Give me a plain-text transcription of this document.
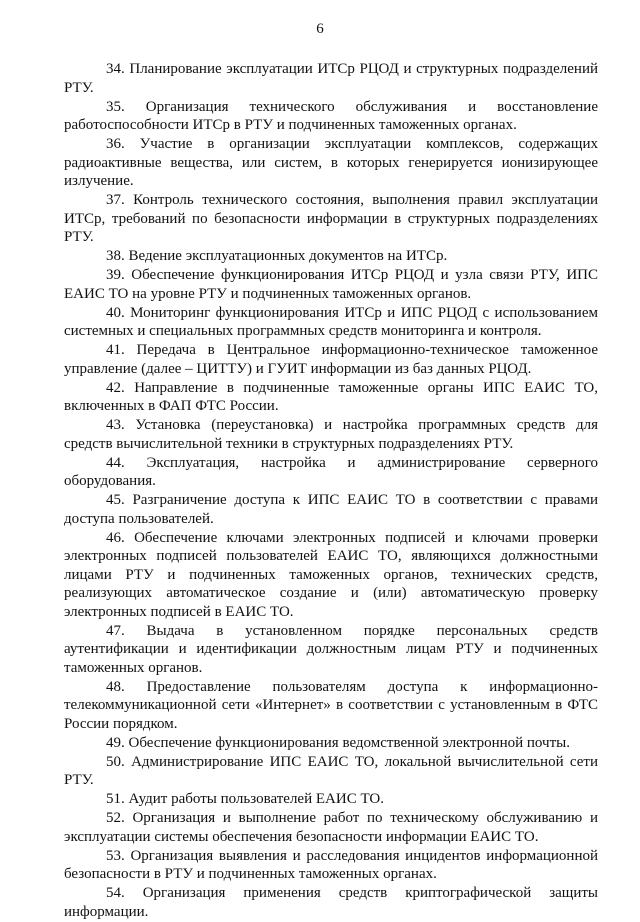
6

34. Планирование эксплуатации ИТСр РЦОД и структурных подразделений РТУ.

35. Организация технического обслуживания и восстановление работоспособности ИТСр в РТУ и подчиненных таможенных органах.

36. Участие в организации эксплуатации комплексов, содержащих радиоактивные вещества, или систем, в которых генерируется ионизирующее излучение.

37. Контроль технического состояния, выполнения правил эксплуатации ИТСр, требований по безопасности информации в структурных подразделениях РТУ.

38. Ведение эксплуатационных документов на ИТСр.

39. Обеспечение функционирования ИТСр РЦОД и узла связи РТУ, ИПС ЕАИС ТО на уровне РТУ и подчиненных таможенных органов.

40. Мониторинг функционирования ИТСр и ИПС РЦОД с использованием системных и специальных программных средств мониторинга и контроля.

41. Передача в Центральное информационно-техническое таможенное управление (далее – ЦИТТУ) и ГУИТ информации из баз данных РЦОД.

42. Направление в подчиненные таможенные органы ИПС ЕАИС ТО, включенных в ФАП ФТС России.

43. Установка (переустановка) и настройка программных средств для средств вычислительной техники в структурных подразделениях РТУ.

44. Эксплуатация, настройка и администрирование серверного оборудования.

45. Разграничение доступа к ИПС ЕАИС ТО в соответствии с правами доступа пользователей.

46. Обеспечение ключами электронных подписей и ключами проверки электронных подписей пользователей ЕАИС ТО, являющихся должностными лицами РТУ и подчиненных таможенных органов, технических средств, реализующих автоматическое создание и (или) автоматическую проверку электронных подписей в ЕАИС ТО.

47. Выдача в установленном порядке персональных средств аутентификации и идентификации должностным лицам РТУ и подчиненных таможенных органов.

48. Предоставление пользователям доступа к информационно-телекоммуникационной сети «Интернет» в соответствии с установленным в ФТС России порядком.

49. Обеспечение функционирования ведомственной электронной почты.

50. Администрирование ИПС ЕАИС ТО, локальной вычислительной сети РТУ.

51. Аудит работы пользователей ЕАИС ТО.

52. Организация и выполнение работ по техническому обслуживанию и эксплуатации системы обеспечения безопасности информации ЕАИС ТО.

53. Организация выявления и расследования инцидентов информационной безопасности в РТУ и подчиненных таможенных органах.

54. Организация применения средств криптографической защиты информации.
